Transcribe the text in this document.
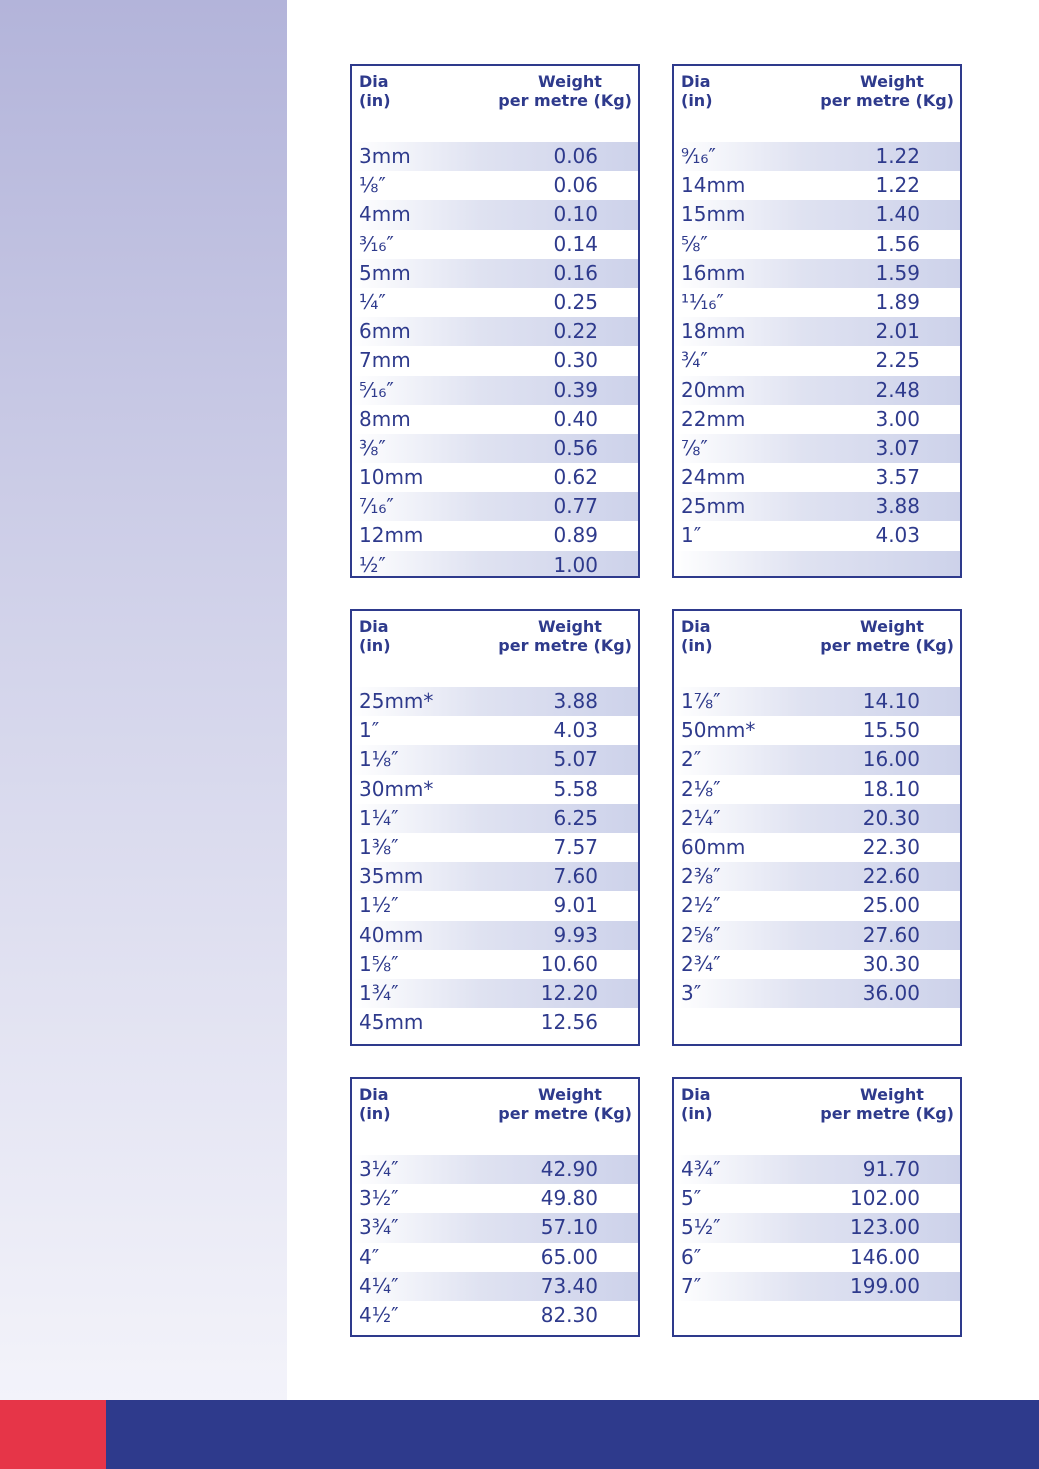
Dia
(in)
Weight
per metre (Kg)
3mm	0.06
⅛″	0.06
4mm	0.10
³⁄₁₆″	0.14
5mm	0.16
¼″	0.25
6mm	0.22
7mm	0.30
⁵⁄₁₆″	0.39
8mm	0.40
⅜″	0.56
10mm	0.62
⁷⁄₁₆″	0.77
12mm	0.89
½″	1.00
Dia
(in)
Weight
per metre (Kg)
⁹⁄₁₆″	1.22
14mm	1.22
15mm	1.40
⅝″	1.56
16mm	1.59
¹¹⁄₁₆″	1.89
18mm	2.01
¾″	2.25
20mm	2.48
22mm	3.00
⅞″	3.07
24mm	3.57
25mm	3.88
1″	4.03
Dia
(in)
Weight
per metre (Kg)
25mm*	3.88
1″	4.03
1⅛″	5.07
30mm*	5.58
1¼″	6.25
1⅜″	7.57
35mm	7.60
1½″	9.01
40mm	9.93
1⅝″	10.60
1¾″	12.20
45mm	12.56
Dia
(in)
Weight
per metre (Kg)
1⅞″	14.10
50mm*	15.50
2″	16.00
2⅛″	18.10
2¼″	20.30
60mm	22.30
2⅜″	22.60
2½″	25.00
2⅝″	27.60
2¾″	30.30
3″	36.00
Dia
(in)
Weight
per metre (Kg)
3¼″	42.90
3½″	49.80
3¾″	57.10
4″	65.00
4¼″	73.40
4½″	82.30
Dia
(in)
Weight
per metre (Kg)
4¾″	91.70
5″	102.00
5½″	123.00
6″	146.00
7″	199.00
